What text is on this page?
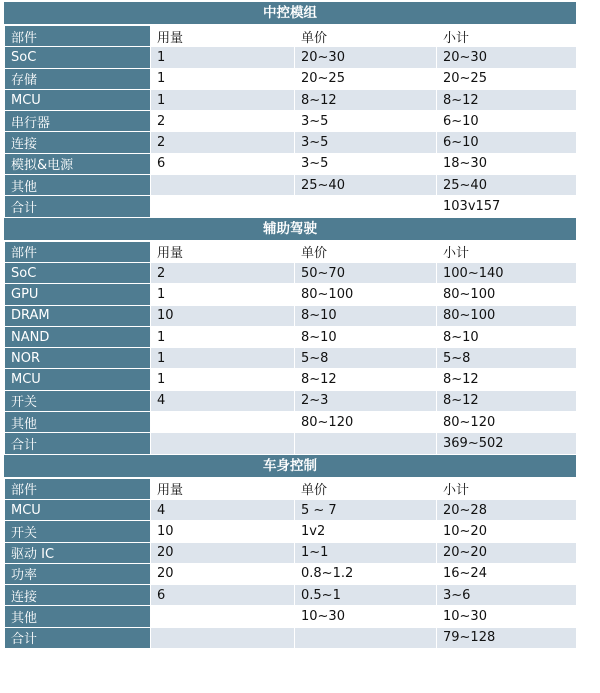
中控模组
部件	用量	单价	小计
SoC	1	20~30	20~30
存储	1	20~25	20~25
MCU	1	8~12	8~12
串行器	2	3~5	6~10
连接	2	3~5	6~10
模拟&电源	6	3~5	18~30
其他		25~40	25~40
合计			103v157
辅助驾驶
部件	用量	单价	小计
SoC	2	50~70	100~140
GPU	1	80~100	80~100
DRAM	10	8~10	80~100
NAND	1	8~10	8~10
NOR	1	5~8	5~8
MCU	1	8~12	8~12
开关	4	2~3	8~12
其他		80~120	80~120
合计			369~502
车身控制
部件	用量	单价	小计
MCU	4	5 ~ 7	20~28
开关	10	1v2	10~20
驱动 IC	20	1~1	20~20
功率	20	0.8~1.2	16~24
连接	6	0.5~1	3~6
其他		10~30	10~30
合计			79~128
